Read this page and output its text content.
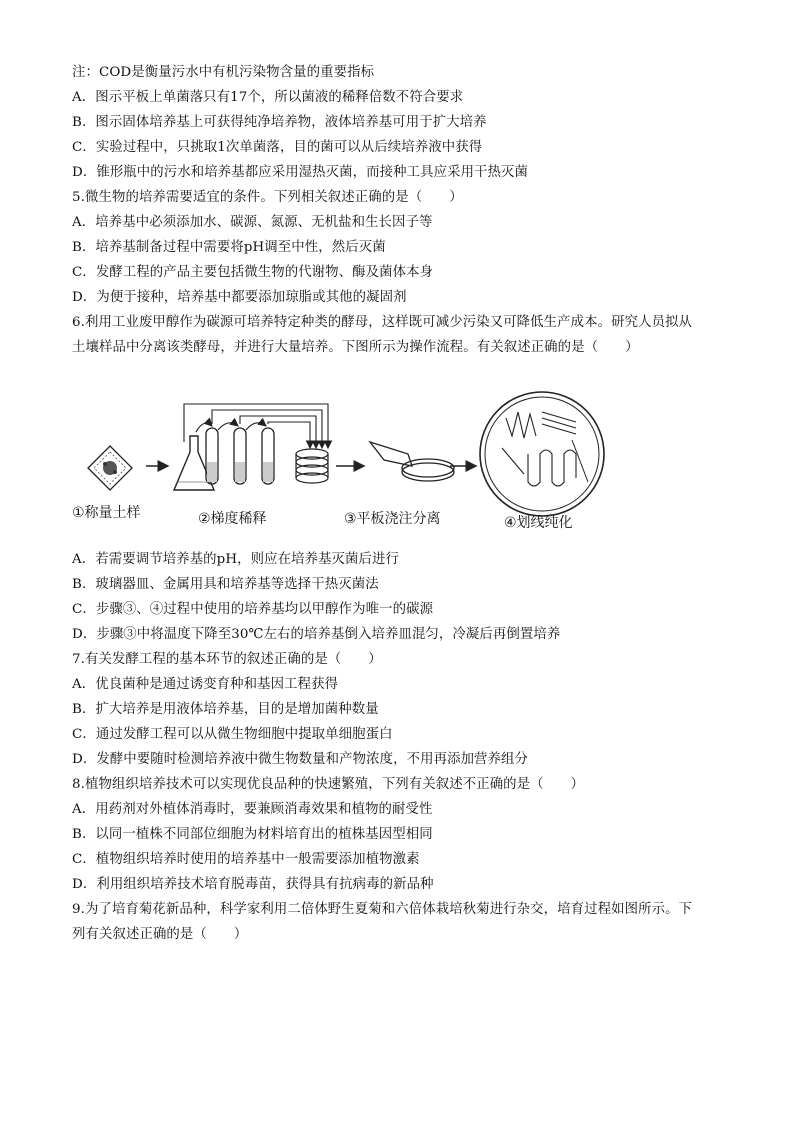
注：COD是衡量污水中有机污染物含量的重要指标
A．图示平板上单菌落只有17个，所以菌液的稀释倍数不符合要求
B．图示固体培养基上可获得纯净培养物，液体培养基可用于扩大培养
C．实验过程中，只挑取1次单菌落，目的菌可以从后续培养液中获得
D．锥形瓶中的污水和培养基都应采用湿热灭菌，而接种工具应采用干热灭菌
5.微生物的培养需要适宜的条件。下列相关叙述正确的是（　　）
A．培养基中必须添加水、碳源、氮源、无机盐和生长因子等
B．培养基制备过程中需要将pH调至中性，然后灭菌
C．发酵工程的产品主要包括微生物的代谢物、酶及菌体本身
D．为便于接种，培养基中都要添加琼脂或其他的凝固剂
6.利用工业废甲醇作为碳源可培养特定种类的酵母，这样既可减少污染又可降低生产成本。研究人员拟从
土壤样品中分离该类酵母，并进行大量培养。下图所示为操作流程。有关叙述正确的是（　　）
①称量土样	②梯度稀释	③平板浇注分离	④划线纯化
A．若需要调节培养基的pH，则应在培养基灭菌后进行
B．玻璃器皿、金属用具和培养基等选择干热灭菌法
C．步骤③、④过程中使用的培养基均以甲醇作为唯一的碳源
D．步骤③中将温度下降至30℃左右的培养基倒入培养皿混匀，冷凝后再倒置培养
7.有关发酵工程的基本环节的叙述正确的是（　　）
A．优良菌种是通过诱变育种和基因工程获得
B．扩大培养是用液体培养基，目的是增加菌种数量
C．通过发酵工程可以从微生物细胞中提取单细胞蛋白
D．发酵中要随时检测培养液中微生物数量和产物浓度，不用再添加营养组分
8.植物组织培养技术可以实现优良品种的快速繁殖，下列有关叙述不正确的是（　　）
A．用药剂对外植体消毒时，要兼顾消毒效果和植物的耐受性
B．以同一植株不同部位细胞为材料培育出的植株基因型相同
C．植物组织培养时使用的培养基中一般需要添加植物激素
D．利用组织培养技术培育脱毒苗，获得具有抗病毒的新品种
9.为了培育菊花新品种，科学家利用二倍体野生夏菊和六倍体栽培秋菊进行杂交，培育过程如图所示。下
列有关叙述正确的是（　　）
